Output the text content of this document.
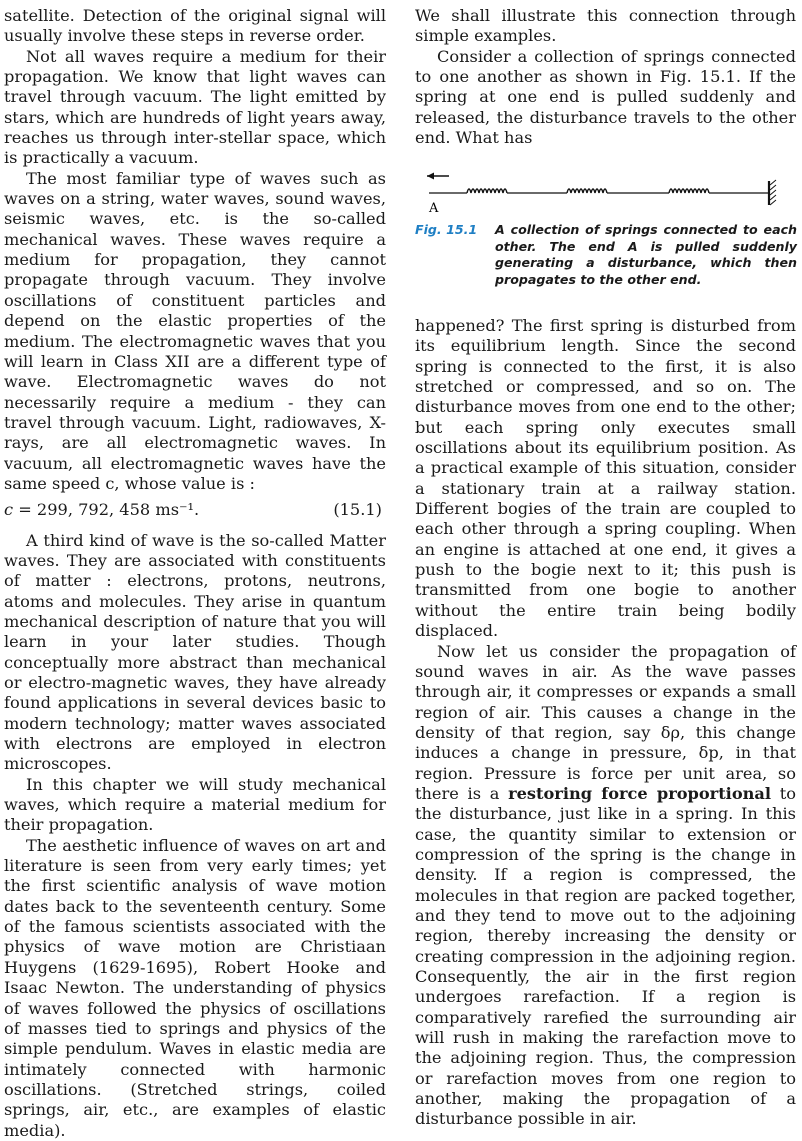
satellite. Detection of the original signal will usually involve these steps in reverse order.

Not all waves require a medium for their propagation. We know that light waves can travel through vacuum. The light emitted by stars, which are hundreds of light years away, reaches us through inter-stellar space, which is practically a vacuum.

The most familiar type of waves such as waves on a string, water waves, sound waves, seismic waves, etc. is the so-called mechanical waves. These waves require a medium for propagation, they cannot propagate through vacuum. They involve oscillations of constituent particles and depend on the elastic properties of the medium. The electromagnetic waves that you will learn in Class XII are a different type of wave. Electromagnetic waves do not necessarily require a medium - they can travel through vacuum. Light, radiowaves, X-rays, are all electromagnetic waves. In vacuum, all electromagnetic waves have the same speed c, whose value is :

c = 299, 792, 458 ms⁻¹.	(15.1)

A third kind of wave is the so-called Matter waves. They are associated with constituents of matter : electrons, protons, neutrons, atoms and molecules. They arise in quantum mechanical description of nature that you will learn in your later studies. Though conceptually more abstract than mechanical or electro-magnetic waves, they have already found applications in several devices basic to modern technology; matter waves associated with electrons are employed in electron microscopes.

In this chapter we will study mechanical waves, which require a material medium for their propagation.

The aesthetic influence of waves on art and literature is seen from very early times; yet the first scientific analysis of wave motion dates back to the seventeenth century. Some of the famous scientists associated with the physics of wave motion are Christiaan Huygens (1629-1695), Robert Hooke and Isaac Newton. The understanding of physics of waves followed the physics of oscillations of masses tied to springs and physics of the simple pendulum. Waves in elastic media are intimately connected with harmonic oscillations. (Stretched strings, coiled springs, air, etc., are examples of elastic media).

We shall illustrate this connection through simple examples.

Consider a collection of springs connected to one another as shown in Fig. 15.1. If the spring at one end is pulled suddenly and released, the disturbance travels to the other end. What has

A
Fig. 15.1 A collection of springs connected to each other. The end A is pulled suddenly generating a disturbance, which then propagates to the other end.

happened? The first spring is disturbed from its equilibrium length. Since the second spring is connected to the first, it is also stretched or compressed, and so on. The disturbance moves from one end to the other; but each spring only executes small oscillations about its equilibrium position. As a practical example of this situation, consider a stationary train at a railway station. Different bogies of the train are coupled to each other through a spring coupling. When an engine is attached at one end, it gives a push to the bogie next to it; this push is transmitted from one bogie to another without the entire train being bodily displaced.

Now let us consider the propagation of sound waves in air. As the wave passes through air, it compresses or expands a small region of air. This causes a change in the density of that region, say δρ, this change induces a change in pressure, δp, in that region. Pressure is force per unit area, so there is a restoring force proportional to the disturbance, just like in a spring. In this case, the quantity similar to extension or compression of the spring is the change in density. If a region is compressed, the molecules in that region are packed together, and they tend to move out to the adjoining region, thereby increasing the density or creating compression in the adjoining region. Consequently, the air in the first region undergoes rarefaction. If a region is comparatively rarefied the surrounding air will rush in making the rarefaction move to the adjoining region. Thus, the compression or rarefaction moves from one region to another, making the propagation of a disturbance possible in air.
